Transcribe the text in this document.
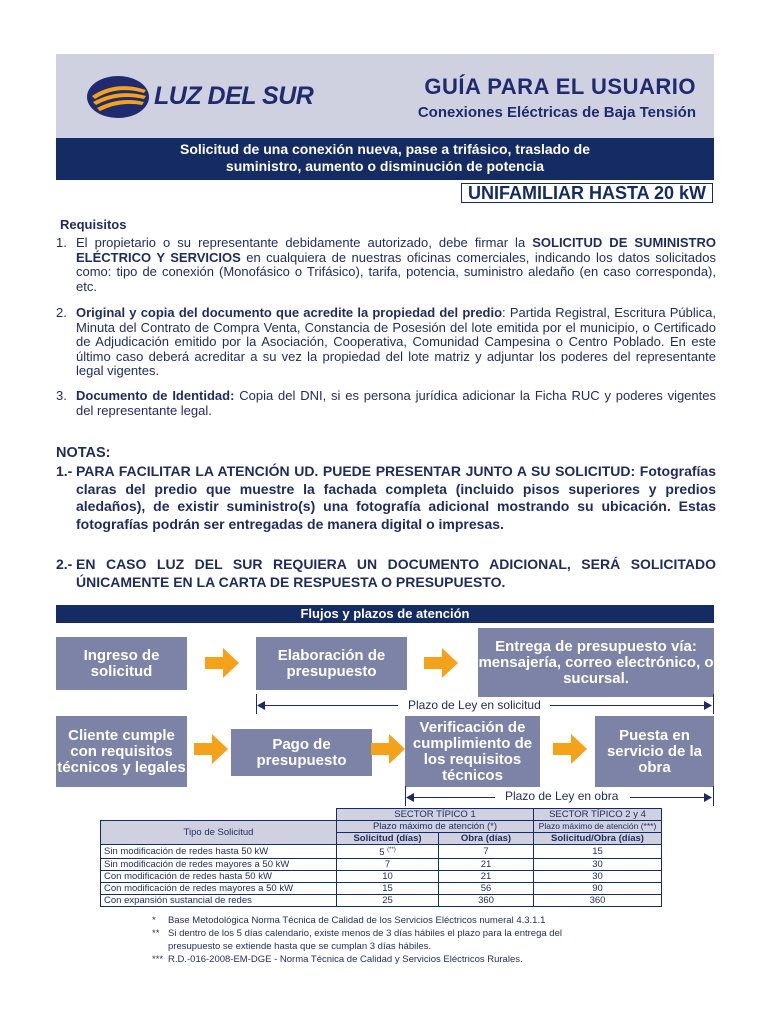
LUZ DEL SUR	GUÍA PARA EL USUARIO
Conexiones Eléctricas de Baja Tensión
Solicitud de una conexión nueva, pase a trifásico, traslado de
suministro, aumento o disminución de potencia
UNIFAMILIAR HASTA 20 kW
Requisitos
1. El propietario o su representante debidamente autorizado, debe firmar la SOLICITUD DE SUMINISTRO ELÉCTRICO Y SERVICIOS en cualquiera de nuestras oficinas comerciales, indicando los datos solicitados como: tipo de conexión (Monofásico o Trifásico), tarifa, potencia, suministro aledaño (en caso corresponda), etc.
2. Original y copia del documento que acredite la propiedad del predio: Partida Registral, Escritura Pública, Minuta del Contrato de Compra Venta, Constancia de Posesión del lote emitida por el municipio, o Certificado de Adjudicación emitido por la Asociación, Cooperativa, Comunidad Campesina o Centro Poblado. En este último caso deberá acreditar a su vez la propiedad del lote matriz y adjuntar los poderes del representante legal vigentes.
3. Documento de Identidad: Copia del DNI, si es persona jurídica adicionar la Ficha RUC y poderes vigentes del representante legal.
NOTAS:
1.- PARA FACILITAR LA ATENCIÓN UD. PUEDE PRESENTAR JUNTO A SU SOLICITUD: Fotografías claras del predio que muestre la fachada completa (incluido pisos superiores y predios aledaños), de existir suministro(s) una fotografía adicional mostrando su ubicación. Estas fotografías podrán ser entregadas de manera digital o impresas.
2.- EN CASO LUZ DEL SUR REQUIERA UN DOCUMENTO ADICIONAL, SERÁ SOLICITADO ÚNICAMENTE EN LA CARTA DE RESPUESTA O PRESUPUESTO.
Flujos y plazos de atención
Ingreso de solicitud
Elaboración de presupuesto
Entrega de presupuesto vía: mensajería, correo electrónico, o sucursal.
Plazo de Ley en solicitud
Cliente cumple con requisitos técnicos y legales
Pago de presupuesto
Verificación de cumplimiento de los requisitos técnicos
Puesta en servicio de la obra
Plazo de Ley en obra
	SECTOR TÍPICO 1		SECTOR TÍPICO 2 y 4
Tipo de Solicitud	Plazo máximo de atención (*)		Plazo máximo de atención (***)
	Solicitud (días)	Obra (días)	Solicitud/Obra (días)
Sin modificación de redes hasta 50 kW	5 (**)	7	15
Sin modificación de redes mayores a 50 kW	7	21	30
Con modificación de redes hasta 50 kW	10	21	30
Con modificación de redes mayores a 50 kW	15	56	90
Con expansión sustancial de redes	25	360	360
* Base Metodológica Norma Técnica de Calidad de los Servicios Eléctricos numeral 4.3.1.1
** Si dentro de los 5 días calendario, existe menos de 3 días hábiles el plazo para la entrega del
presupuesto se extiende hasta que se cumplan 3 días hábiles.
*** R.D.-016-2008-EM-DGE - Norma Técnica de Calidad y Servicios Eléctricos Rurales.
